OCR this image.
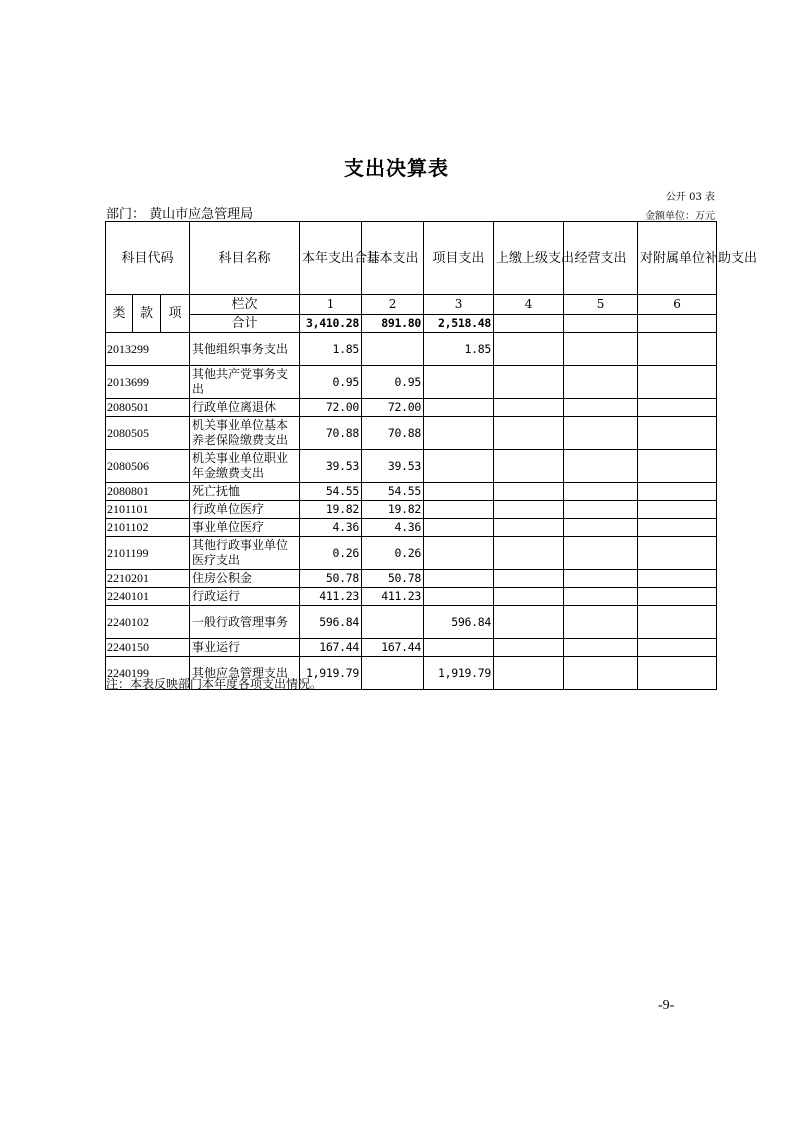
支出决算表
公开 03 表
部门： 黄山市应急管理局	金额单位：万元
科目代码			科目名称	本年支出合计	基本支出	项目支出	上缴上级支出	经营支出	对附属单位补助支出
类	款	项	栏次	1	2	3	4	5	6
			合计	3,410.28	891.80	2,518.48			
2013299			其他组织事务支出	1.85		1.85			
2013699			其他共产党事务支出	0.95	0.95				
2080501			行政单位离退休	72.00	72.00				
2080505			机关事业单位基本养老保险缴费支出	70.88	70.88				
2080506			机关事业单位职业年金缴费支出	39.53	39.53				
2080801			死亡抚恤	54.55	54.55				
2101101			行政单位医疗	19.82	19.82				
2101102			事业单位医疗	4.36	4.36				
2101199			其他行政事业单位医疗支出	0.26	0.26				
2210201			住房公积金	50.78	50.78				
2240101			行政运行	411.23	411.23				
2240102			一般行政管理事务	596.84		596.84			
2240150			事业运行	167.44	167.44				
2240199			其他应急管理支出	1,919.79		1,919.79			
注：本表反映部门本年度各项支出情况。
-9-
